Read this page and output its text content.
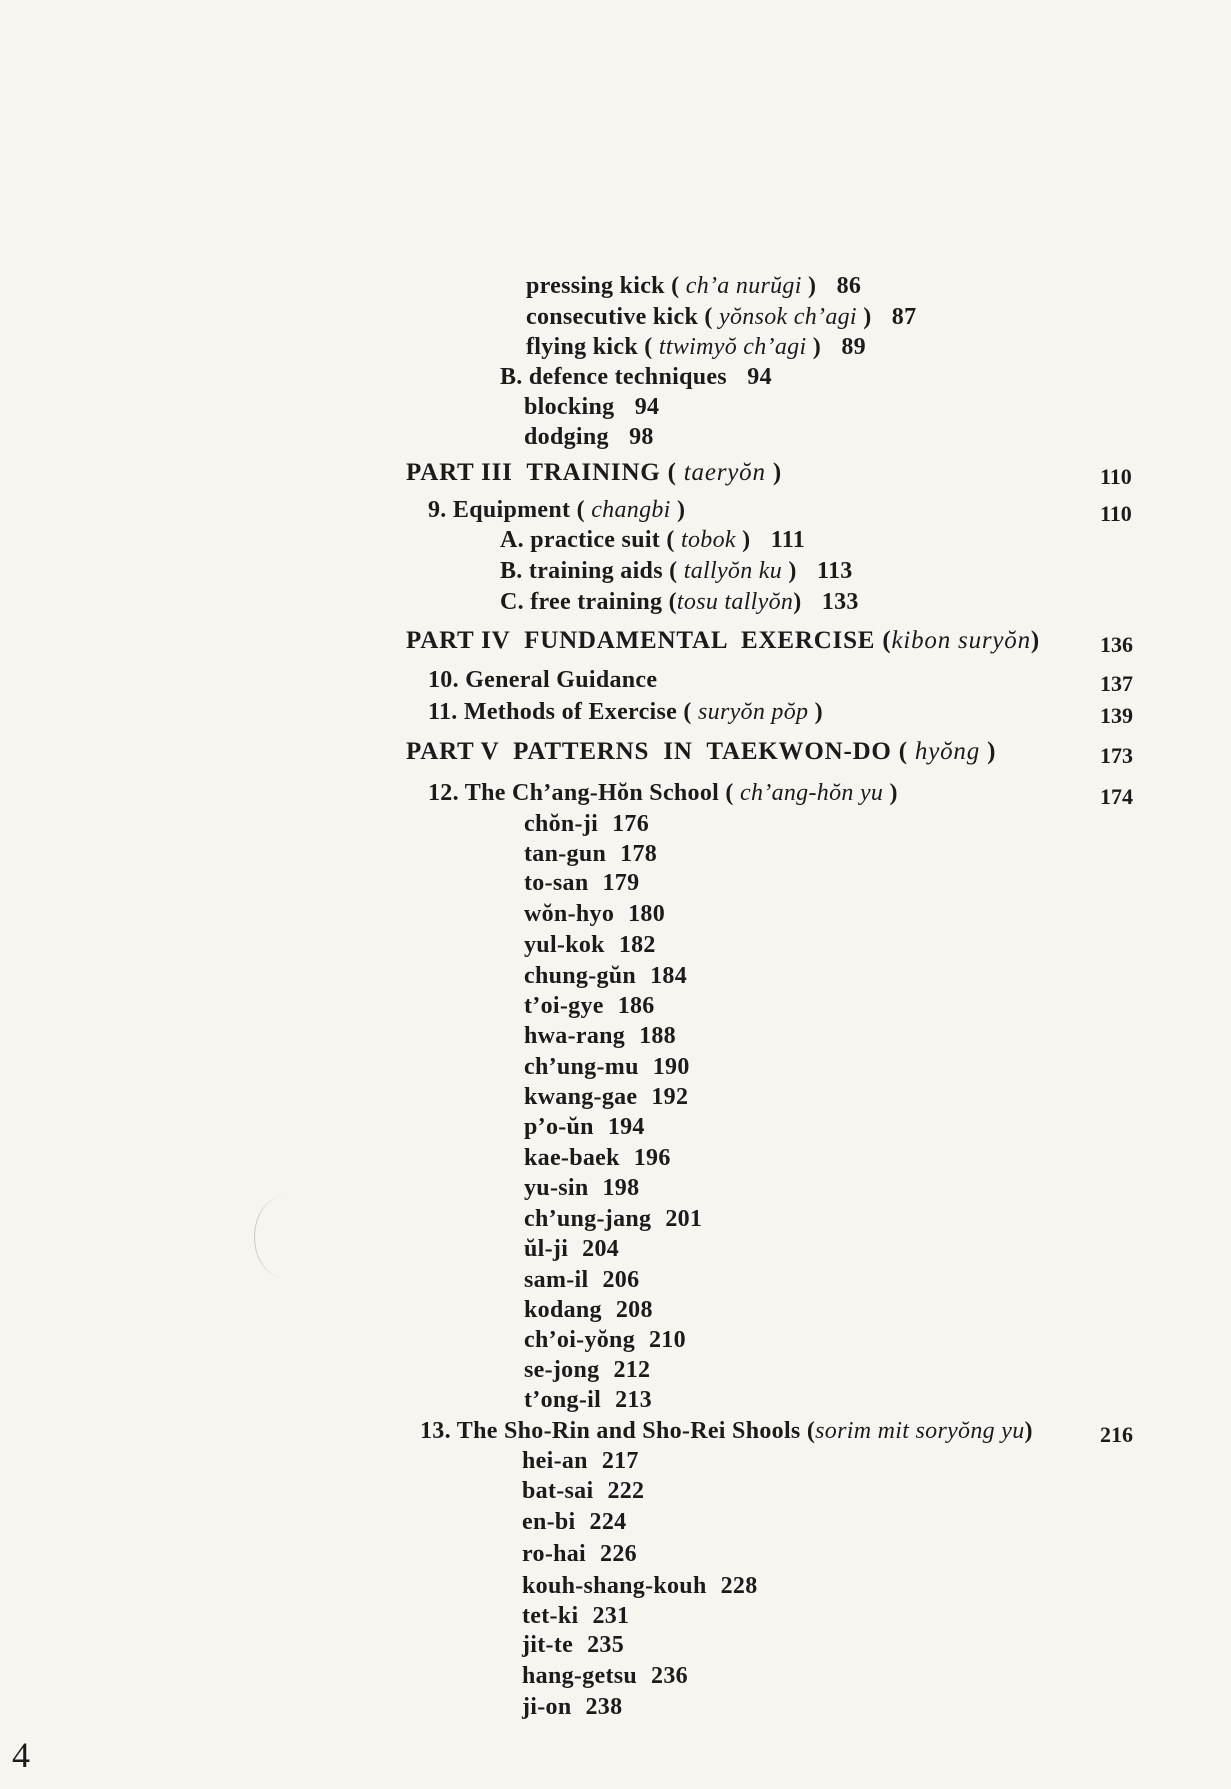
pressing kick ( ch’a nurŭgi ) 86
consecutive kick ( yŏnsok ch’agi ) 87
flying kick ( ttwimyŏ ch’agi ) 89
B. defence techniques 94
blocking 94
dodging 98
PART III  TRAINING ( taeryŏn )	110
9. Equipment ( changbi )	110
A. practice suit ( tobok ) 111
B. training aids ( tallyŏn ku ) 113
C. free training (tosu tallyŏn) 133
PART IV  FUNDAMENTAL  EXERCISE (kibon suryŏn)	136
10. General Guidance	137
11. Methods of Exercise ( suryŏn pŏp )	139
PART V  PATTERNS  IN  TAEKWON-DO ( hyŏng )	173
12. The Ch’ang-Hŏn School ( ch’ang-hŏn yu )	174
chŏn-ji 176
tan-gun 178
to-san 179
wŏn-hyo 180
yul-kok 182
chung-gŭn 184
t’oi-gye 186
hwa-rang 188
ch’ung-mu 190
kwang-gae 192
p’o-ŭn 194
kae-baek 196
yu-sin 198
ch’ung-jang 201
ŭl-ji 204
sam-il 206
kodang 208
ch’oi-yŏng 210
se-jong 212
t’ong-il 213
13. The Sho-Rin and Sho-Rei Shools (sorim mit soryŏng yu)	216
hei-an 217
bat-sai 222
en-bi 224
ro-hai 226
kouh-shang-kouh 228
tet-ki 231
jit-te 235
hang-getsu 236
ji-on 238
4
